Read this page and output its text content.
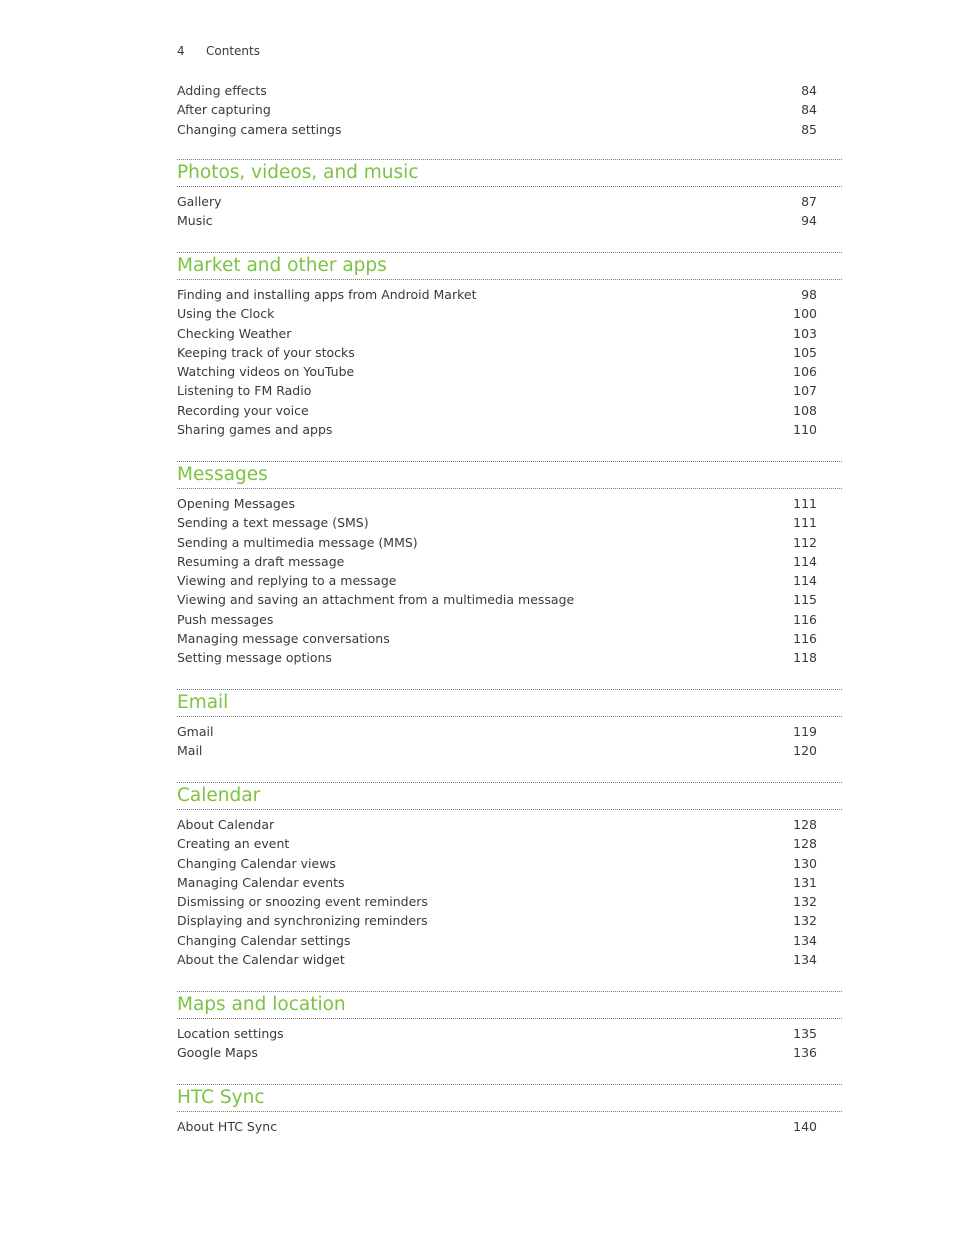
4 Contents
Adding effects	84
After capturing	84
Changing camera settings	85
Photos, videos, and music
Gallery	87
Music	94
Market and other apps
Finding and installing apps from Android Market	98
Using the Clock	100
Checking Weather	103
Keeping track of your stocks	105
Watching videos on YouTube	106
Listening to FM Radio	107
Recording your voice	108
Sharing games and apps	110
Messages
Opening Messages	111
Sending a text message (SMS)	111
Sending a multimedia message (MMS)	112
Resuming a draft message	114
Viewing and replying to a message	114
Viewing and saving an attachment from a multimedia message	115
Push messages	116
Managing message conversations	116
Setting message options	118
Email
Gmail	119
Mail	120
Calendar
About Calendar	128
Creating an event	128
Changing Calendar views	130
Managing Calendar events	131
Dismissing or snoozing event reminders	132
Displaying and synchronizing reminders	132
Changing Calendar settings	134
About the Calendar widget	134
Maps and location
Location settings	135
Google Maps	136
HTC Sync
About HTC Sync	140
